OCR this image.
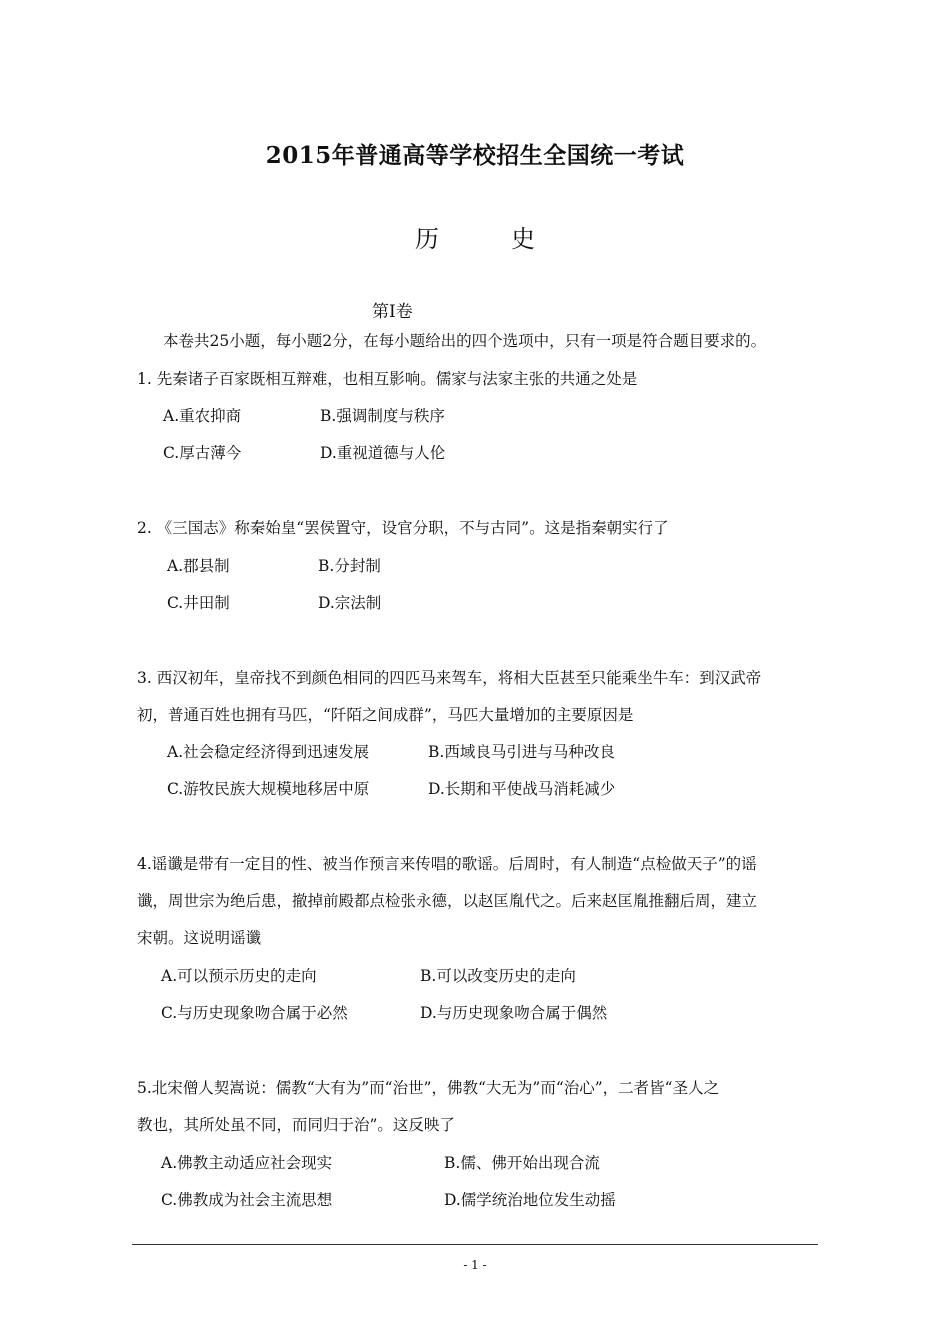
2015年普通高等学校招生全国统一考试
历	史
第I卷
本卷共25小题，每小题2分，在每小题给出的四个选项中，只有一项是符合题目要求的。
1. 先秦诸子百家既相互辩难，也相互影响。儒家与法家主张的共通之处是
A.重农抑商	B.强调制度与秩序
C.厚古薄今	D.重视道德与人伦
2. 《三国志》称秦始皇“罢侯置守，设官分职，不与古同”。这是指秦朝实行了
A.郡县制	B.分封制
C.井田制	D.宗法制
3. 西汉初年，皇帝找不到颜色相同的四匹马来驾车，将相大臣甚至只能乘坐牛车：到汉武帝
初，普通百姓也拥有马匹，“阡陌之间成群”，马匹大量增加的主要原因是
A.社会稳定经济得到迅速发展	B.西域良马引进与马种改良
C.游牧民族大规模地移居中原	D.长期和平使战马消耗减少
4.谣谶是带有一定目的性、被当作预言来传唱的歌谣。后周时，有人制造“点检做天子”的谣
谶，周世宗为绝后患，撤掉前殿都点检张永德，以赵匡胤代之。后来赵匡胤推翻后周，建立
宋朝。这说明谣谶
A.可以预示历史的走向	B.可以改变历史的走向
C.与历史现象吻合属于必然	D.与历史现象吻合属于偶然
5.北宋僧人契嵩说：儒教“大有为”而“治世”，佛教“大无为”而“治心”，二者皆“圣人之
教也，其所处虽不同，而同归于治”。这反映了
A.佛教主动适应社会现实	B.儒、佛开始出现合流
C.佛教成为社会主流思想	D.儒学统治地位发生动摇
- 1 -
